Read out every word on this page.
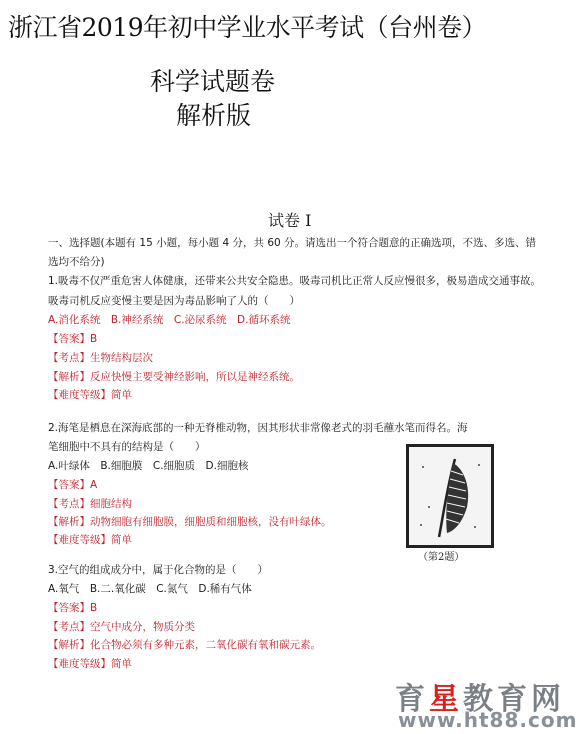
浙江省2019年初中学业水平考试（台州卷）
科学试题卷
解析版
试卷 I
一、选择题(本题有 15 小题，每小题 4 分，共 60 分。请选出一个符合题意的正确选项，不选、多选、错
选均不给分)
1.吸毒不仅严重危害人体健康，还带来公共安全隐患。吸毒司机比正常人反应慢很多，极易造成交通事故。
吸毒司机反应变慢主要是因为毒品影响了人的（　　）
A.消化系统　B.神经系统　C.泌尿系统　D.循环系统
【答案】B
【考点】生物结构层次
【解析】反应快慢主要受神经影响，所以是神经系统。
【难度等级】简单
2.海笔是栖息在深海底部的一种无脊椎动物，因其形状非常像老式的羽毛蘸水笔而得名。海
笔细胞中不具有的结构是（　　）
A.叶绿体　B.细胞膜　C.细胞质　D.细胞核
【答案】A
【考点】细胞结构
【解析】动物细胞有细胞膜，细胞质和细胞核，没有叶绿体。
【难度等级】简单
（第2题）
3.空气的组成成分中，属于化合物的是（　　）
A.氧气　B.二.氧化碳　C.氮气　D.稀有气体
【答案】B
【考点】空气中成分，物质分类
【解析】化合物必须有多种元素，二氧化碳有氧和碳元素。
【难度等级】简单
育星教育网
www.ht88.com
